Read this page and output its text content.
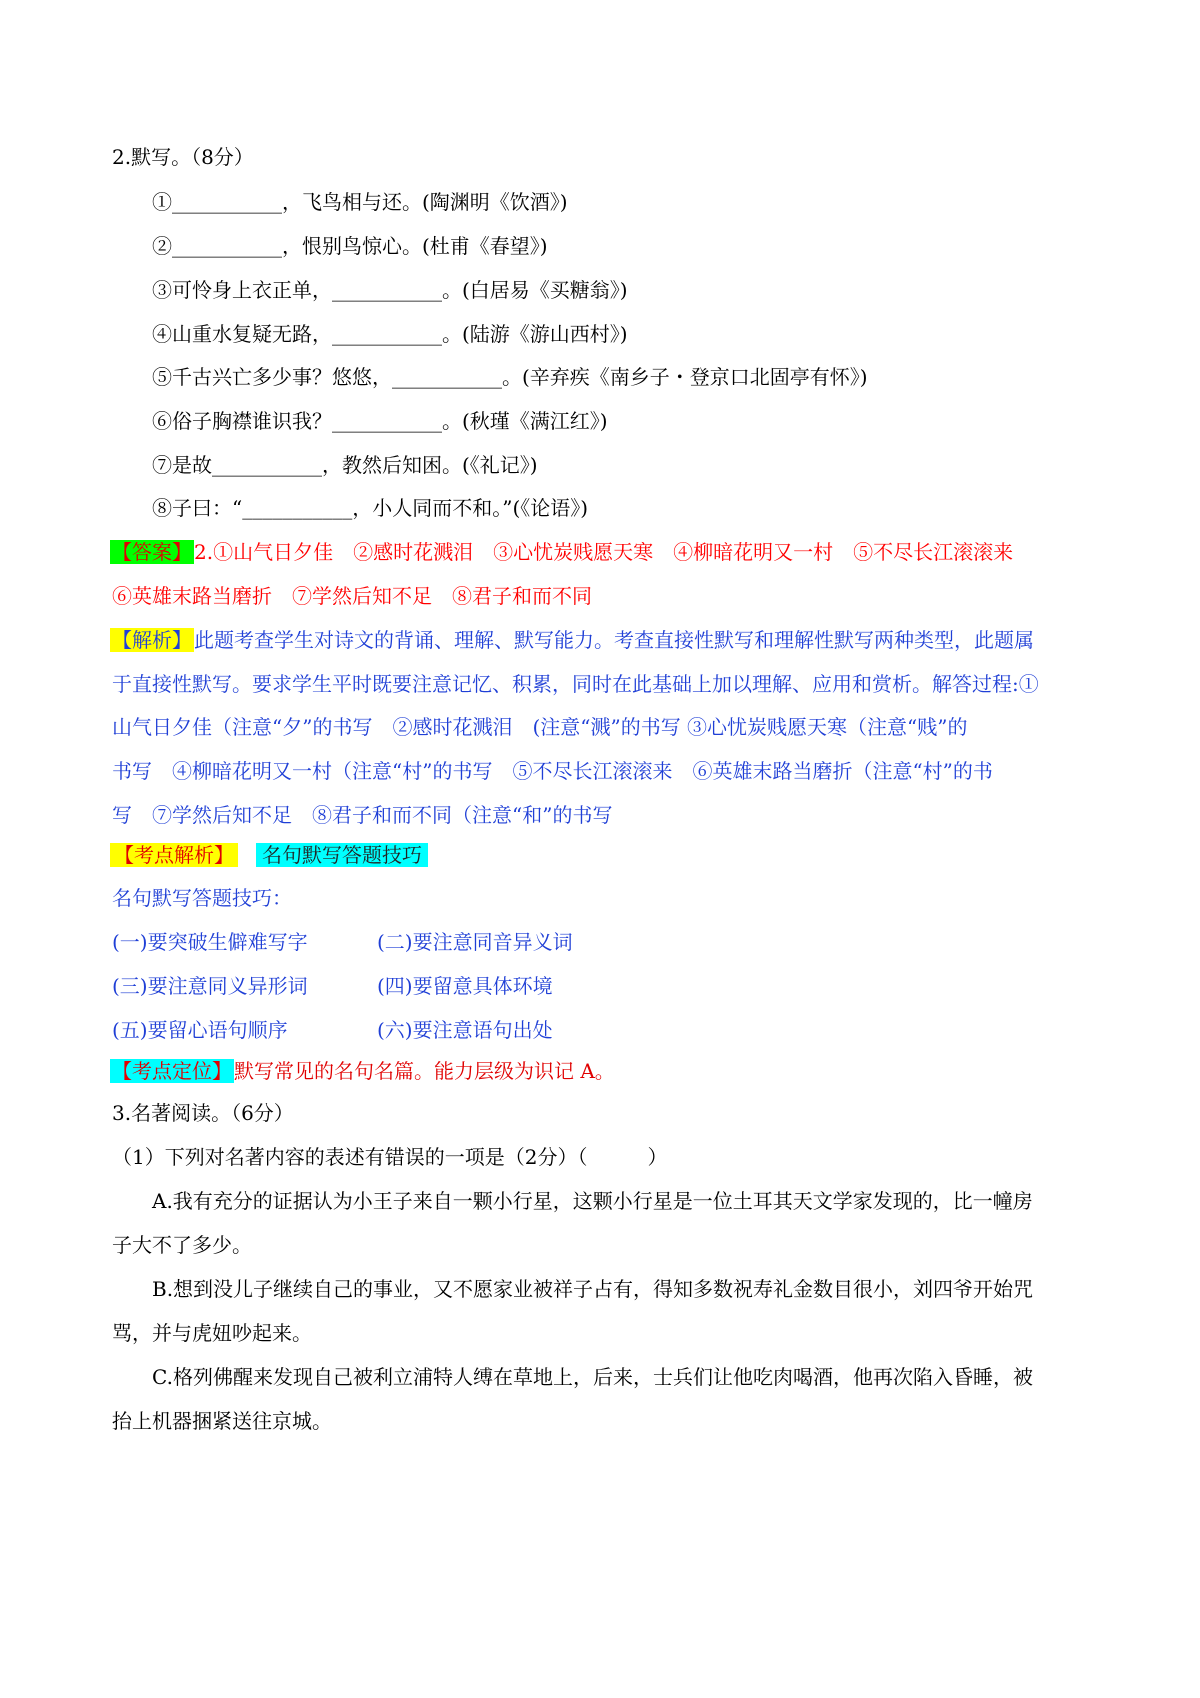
2.默写。（8分）
①___________，飞鸟相与还。(陶渊明《饮酒》)
②___________，恨别鸟惊心。(杜甫《春望》)
③可怜身上衣正单，___________。(白居易《买糖翁》)
④山重水复疑无路，___________。(陆游《游山西村》)
⑤千古兴亡多少事？悠悠，___________。(辛弃疾《南乡子・登京口北固亭有怀》)
⑥俗子胸襟谁识我？___________。(秋瑾《满江红》)
⑦是故___________，教然后知困。(《礼记》)
⑧子曰：“___________，小人同而不和。”(《论语》)
【答案】 2.①山气日夕佳　②感时花溅泪　③心忧炭贱愿天寒　④柳暗花明又一村　⑤不尽长江滚滚来
⑥英雄末路当磨折　⑦学然后知不足　⑧君子和而不同
【解析】 此题考查学生对诗文的背诵、理解、默写能力。考查直接性默写和理解性默写两种类型，此题属
于直接性默写。要求学生平时既要注意记忆、积累，同时在此基础上加以理解、应用和赏析。解答过程:①
山气日夕佳（注意“夕”的书写　②感时花溅泪　(注意“溅”的书写 ③心忧炭贱愿天寒（注意“贱”的
书写　④柳暗花明又一村（注意“村”的书写　⑤不尽长江滚滚来　⑥英雄末路当磨折（注意“村”的书
写　⑦学然后知不足　⑧君子和而不同（注意“和”的书写
【考点解析】 名句默写答题技巧
名句默写答题技巧：
(一)要突破生僻难写字	(二)要注意同音异义词
(三)要注意同义异形词	(四)要留意具体环境
(五)要留心语句顺序	(六)要注意语句出处
【考点定位】 默写常见的名句名篇。能力层级为识记 A。
3.名著阅读。（6分）
（1）下列对名著内容的表述有错误的一项是（2分）（　　　）
A.我有充分的证据认为小王子来自一颗小行星，这颗小行星是一位土耳其天文学家发现的，比一幢房
子大不了多少。
B.想到没儿子继续自己的事业，又不愿家业被祥子占有，得知多数祝寿礼金数目很小，刘四爷开始咒
骂，并与虎妞吵起来。
C.格列佛醒来发现自己被利立浦特人缚在草地上，后来，士兵们让他吃肉喝酒，他再次陷入昏睡，被
抬上机器捆紧送往京城。
